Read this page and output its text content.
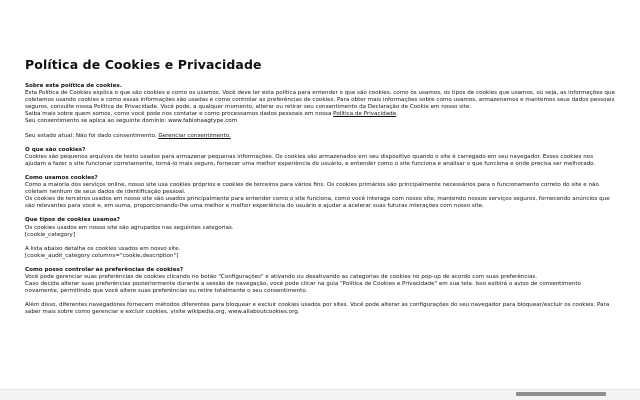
Política de Cookies e Privacidade

Sobre esta política de cookies.

Esta Política de Cookies explica o que são cookies e como os usamos. Você deve ler esta política para entender o que são cookies, como os usamos, os tipos de cookies que usamos, ou seja, as informações que coletamos usando cookies e como essas informações são usadas e como controlar as preferências de cookies. Para obter mais informações sobre como usamos, armazenamos e mantemos seus dados pessoais seguros, consulte nossa Política de Privacidade. Você pode, a qualquer momento, alterar ou retirar seu consentimento da Declaração de Cookie em nosso site.

Saiba mais sobre quem somos, como você pode nos contatar e como processamos dados pessoais em nossa Política de Privacidade.

Seu consentimento se aplica ao seguinte domínio: www.fabiohaagtype.com

Seu estado atual: Não foi dado consentimento. Gerenciar consentimento.

O que são cookies?

Cookies são pequenos arquivos de texto usados para armazenar pequenas informações. Os cookies são armazenados em seu dispositivo quando o site é carregado em seu navegador. Esses cookies nos ajudam a fazer o site funcionar corretamente, torná-lo mais seguro, fornecer uma melhor experiência do usuário, e entender como o site funciona e analisar o que funciona e onde precisa ser melhorado.

Como usamos cookies?

Como a maioria dos serviços online, nosso site usa cookies próprios e cookies de terceiros para vários fins. Os cookies primários são principalmente necessários para o funcionamento correto do site e não coletam nenhum de seus dados de identificação pessoal.

Os cookies de terceiros usados em nosso site são usados principalmente para entender como o site funciona, como você interage com nosso site, mantendo nossos serviços seguros, fornecendo anúncios que são relevantes para você e, em suma, proporcionando-lhe uma melhor e melhor experiência do usuário e ajudar a acelerar suas futuras interações com nosso site.

Que tipos de cookies usamos?

Os cookies usados em nosso site são agrupados nas seguintes categorias.

[cookie_category]

A lista abaixo detalha os cookies usados em nosso site.

[cookie_audit_category columns="cookie,description"]

Como posso controlar as preferências de cookies?

Você pode gerenciar suas preferências de cookies clicando no botão "Configurações" e ativando ou desativando as categorias de cookies no pop-up de acordo com suas preferências.

Caso decida alterar suas preferências posteriormente durante a sessão de navegação, você pode clicar na guia "Política de Cookies e Privacidade" em sua tela. Isso exibirá o aviso de consentimento novamente, permitindo que você altere suas preferências ou retire totalmente o seu consentimento.

Além disso, diferentes navegadores fornecem métodos diferentes para bloquear e excluir cookies usados por sites. Você pode alterar as configurações do seu navegador para bloquear/excluir os cookies. Para saber mais sobre como gerenciar e excluir cookies, visite wikipedia.org, www.allaboutcookies.org.
